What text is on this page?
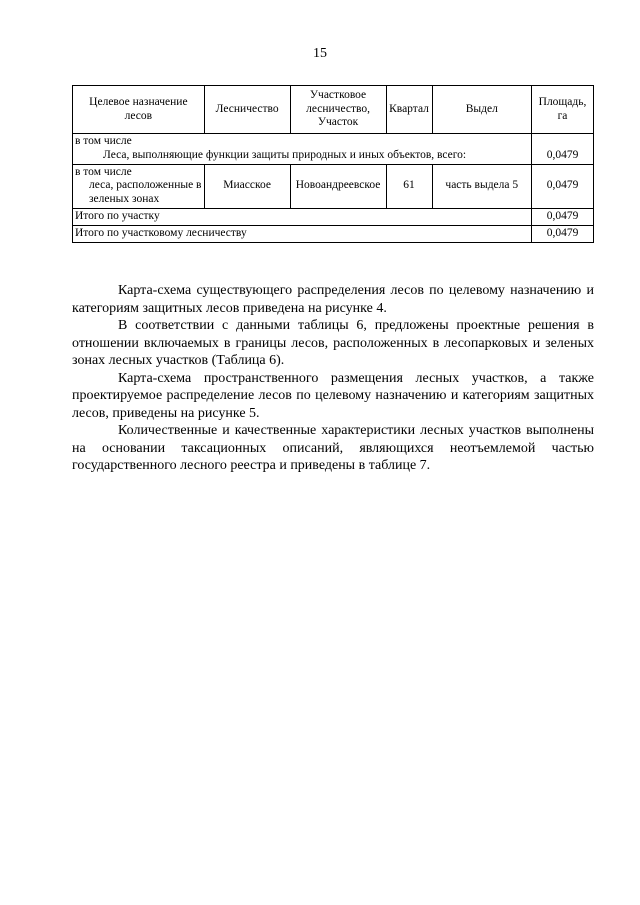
15
Целевое назначение лесов	Лесничество	Участковое лесничество, Участок	Квартал	Выдел	Площадь, га

в том числе
Леса, выполняющие функции защиты природных и иных объектов, всего:					0,0479

в том числе
леса, расположенные в зеленых зонах	Миасское	Новоандреевское	61	часть выдела 5	0,0479
Итого по участку					0,0479
Итого по участковому лесничеству					0,0479

Карта-схема существующего распределения лесов по целевому назначению и категориям защитных лесов приведена на рисунке 4.

В соответствии с данными таблицы 6, предложены проектные решения в отношении включаемых в границы лесов, расположенных в лесопарковых и зеленых зонах лесных участков (Таблица 6).

Карта-схема пространственного размещения лесных участков, а также проектируемое распределение лесов по целевому назначению и категориям защитных лесов, приведены на рисунке 5.

Количественные и качественные характеристики лесных участков выполнены на основании таксационных описаний, являющихся неотъемлемой частью государственного лесного реестра и приведены в таблице 7.
